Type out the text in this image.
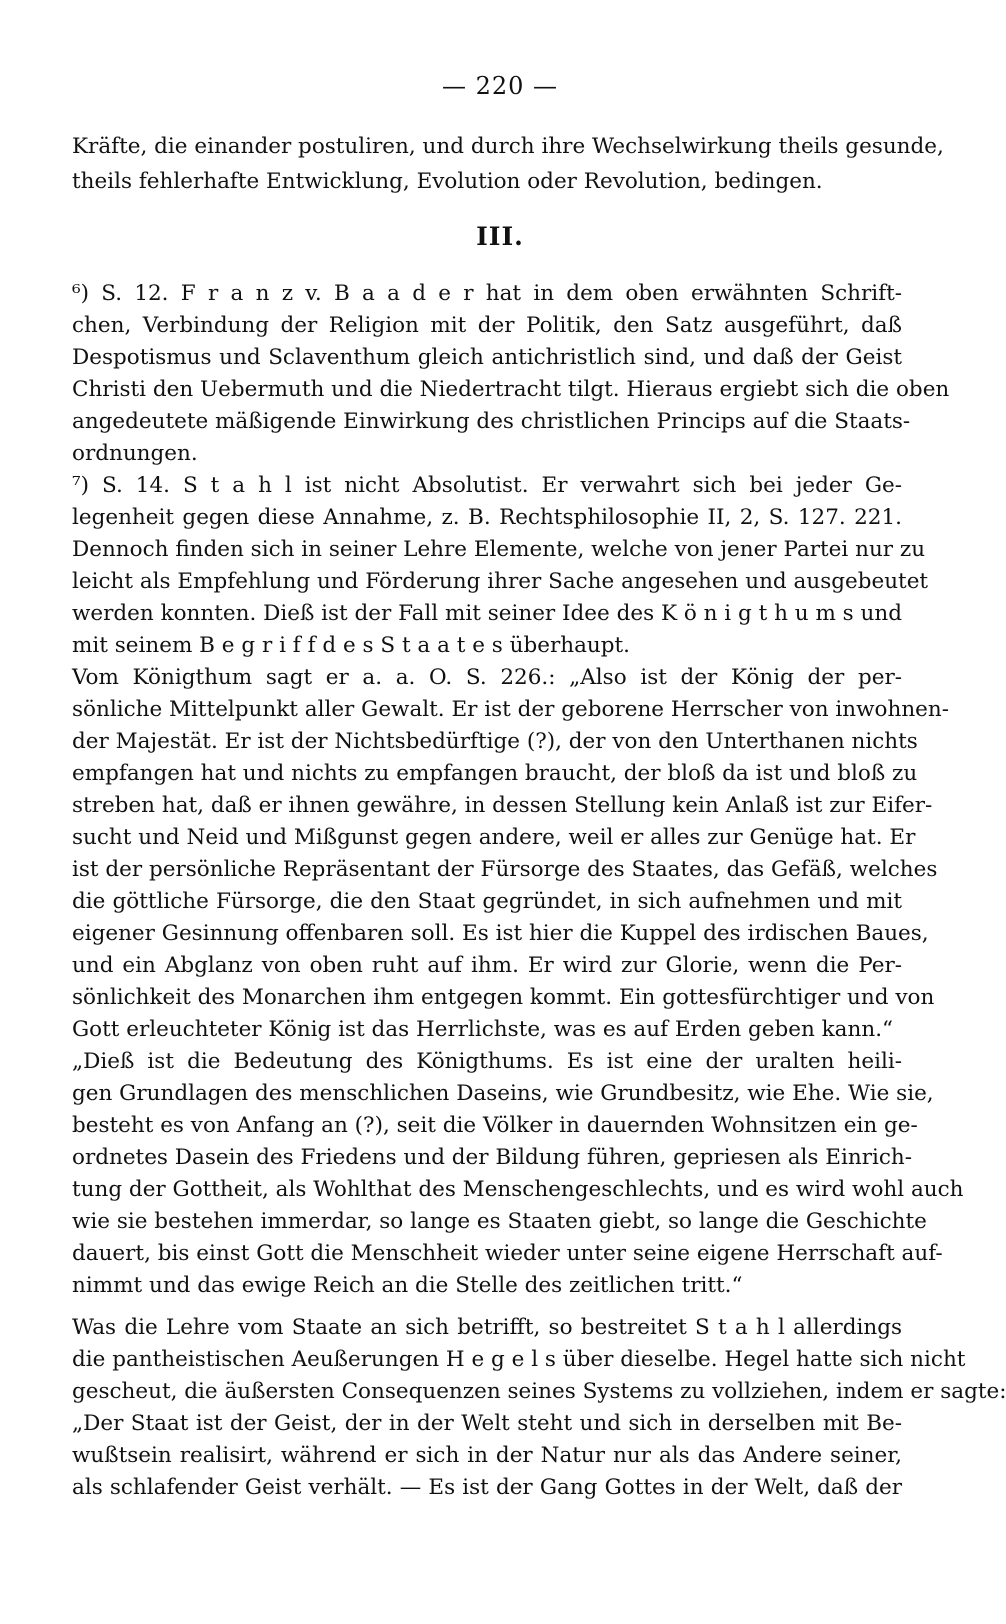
— 220 —
Kräfte, die einander postuliren, und durch ihre Wechselwirkung theils gesunde,
theils fehlerhafte Entwicklung, Evolution oder Revolution, bedingen.
III.
⁶) S. 12. F r a n z v. B a a d e r hat in dem oben erwähnten Schrift-
chen, Verbindung der Religion mit der Politik, den Satz ausgeführt, daß
Despotismus und Sclaventhum gleich antichristlich sind, und daß der Geist
Christi den Uebermuth und die Niedertracht tilgt. Hieraus ergiebt sich die oben
angedeutete mäßigende Einwirkung des christlichen Princips auf die Staats-
ordnungen.
⁷) S. 14. S t a h l ist nicht Absolutist. Er verwahrt sich bei jeder Ge-
legenheit gegen diese Annahme, z. B. Rechtsphilosophie II, 2, S. 127. 221.
Dennoch finden sich in seiner Lehre Elemente, welche von jener Partei nur zu
leicht als Empfehlung und Förderung ihrer Sache angesehen und ausgebeutet
werden konnten. Dieß ist der Fall mit seiner Idee des K ö n i g t h u m s und
mit seinem B e g r i f f d e s S t a a t e s überhaupt.
Vom Königthum sagt er a. a. O. S. 226.: „Also ist der König der per-
sönliche Mittelpunkt aller Gewalt. Er ist der geborene Herrscher von inwohnen-
der Majestät. Er ist der Nichtsbedürftige (?), der von den Unterthanen nichts
empfangen hat und nichts zu empfangen braucht, der bloß da ist und bloß zu
streben hat, daß er ihnen gewähre, in dessen Stellung kein Anlaß ist zur Eifer-
sucht und Neid und Mißgunst gegen andere, weil er alles zur Genüge hat. Er
ist der persönliche Repräsentant der Fürsorge des Staates, das Gefäß, welches
die göttliche Fürsorge, die den Staat gegründet, in sich aufnehmen und mit
eigener Gesinnung offenbaren soll. Es ist hier die Kuppel des irdischen Baues,
und ein Abglanz von oben ruht auf ihm. Er wird zur Glorie, wenn die Per-
sönlichkeit des Monarchen ihm entgegen kommt. Ein gottesfürchtiger und von
Gott erleuchteter König ist das Herrlichste, was es auf Erden geben kann.“
„Dieß ist die Bedeutung des Königthums. Es ist eine der uralten heili-
gen Grundlagen des menschlichen Daseins, wie Grundbesitz, wie Ehe. Wie sie,
besteht es von Anfang an (?), seit die Völker in dauernden Wohnsitzen ein ge-
ordnetes Dasein des Friedens und der Bildung führen, gepriesen als Einrich-
tung der Gottheit, als Wohlthat des Menschengeschlechts, und es wird wohl auch
wie sie bestehen immerdar, so lange es Staaten giebt, so lange die Geschichte
dauert, bis einst Gott die Menschheit wieder unter seine eigene Herrschaft auf-
nimmt und das ewige Reich an die Stelle des zeitlichen tritt.“
Was die Lehre vom Staate an sich betrifft, so bestreitet S t a h l allerdings
die pantheistischen Aeußerungen H e g e l s über dieselbe. Hegel hatte sich nicht
gescheut, die äußersten Consequenzen seines Systems zu vollziehen, indem er sagte:
„Der Staat ist der Geist, der in der Welt steht und sich in derselben mit Be-
wußtsein realisirt, während er sich in der Natur nur als das Andere seiner,
als schlafender Geist verhält. — Es ist der Gang Gottes in der Welt, daß der
